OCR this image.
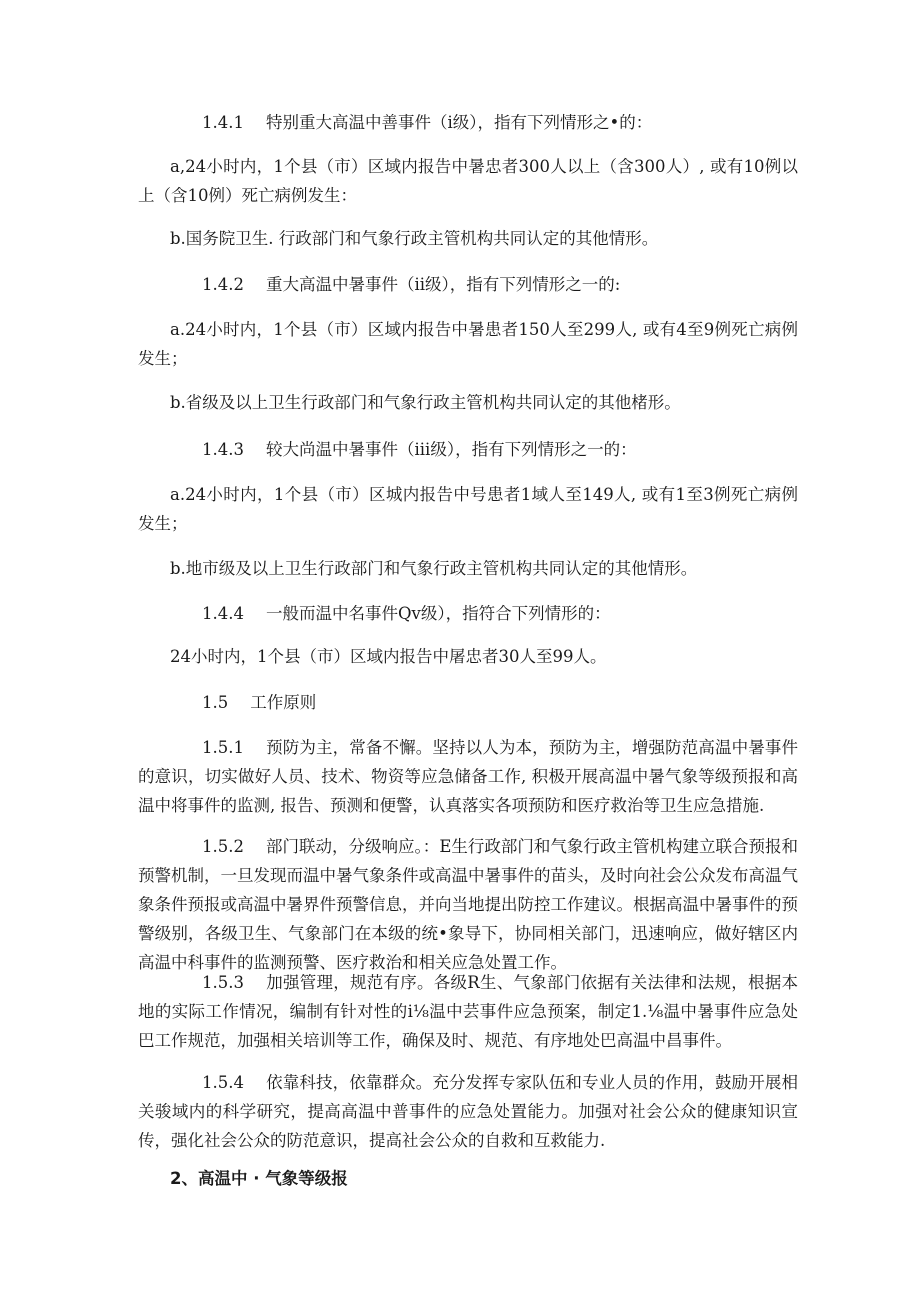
1.4.1 特别重大高温中善事件（i级），指有下列情形之•的：

a,24小时内，1个县（市）区域内报告中暑忠者300人以上（含300人）, 或有10例以上（含10例）死亡病例发生：

b.国务院卫生. 行政部门和气象行政主管机构共同认定的其他情形。

1.4.2 重大高温中暑事件（ii级），指有下列情形之一的:

a.24小时内，1个县（市）区域内报告中暑患者150人至299人, 或有4至9例死亡病例发生；

b.省级及以上卫生行政部门和气象行政主管机构共同认定的其他楮形。

1.4.3 较大尚温中暑事件（iii级），指有下列情形之一的：

a.24小时内，1个县（市）区城内报告中号患者1域人至149人, 或有1至3例死亡病例发生；

b.地市级及以上卫生行政部门和气象行政主管机构共同认定的其他情形。

1.4.4 一般而温中名事件Qv级），指符合下列情形的：

24小时内，1个县（市）区域内报告中屠忠者30人至99人。

1.5 工作原则

1.5.1 预防为主，常备不懈。坚持以人为本，预防为主，增强防范高温中暑事件的意识，切实做好人员、技术、物资等应急储备工作, 积极开展高温中暑气象等级预报和高温中将事件的监测, 报告、预测和便警，认真落实各项预防和医疗救治等卫生应急措施.

1.5.2 部门联动，分级响应。：E生行政部门和气象行政主管机构建立联合预报和预警机制，一旦发现而温中暑气象条件或高温中暑事件的苗头，及时向社会公众发布高温气象条件预报或高温中暑界件预警信息，并向当地提出防控工作建议。根据高温中暑事件的预警级别，各级卫生、气象部门在本级的统•象导下，协同相关部门，迅速响应，做好辖区内高温中科事件的监测预警、医疗救治和相关应急处置工作。

1.5.3 加强管理，规范有序。各级R生、气象部门依据有关法律和法规，根据本地的实际工作情况，编制有针对性的i⅛温中芸事件应急预案，制定1.⅛温中暑事件应急处巴工作规范，加强相关培训等工作，确保及时、规范、有序地处巴高温中昌事件。

1.5.4 依靠科技，依靠群众。充分发挥专家队伍和专业人员的作用，鼓励开展相关骏域内的科学研究，提高高温中普事件的应急处置能力。加强对社会公众的健康知识宣传，强化社会公众的防范意识，提高社会公众的自救和互救能力.

2、高温中 · 气象等级报
